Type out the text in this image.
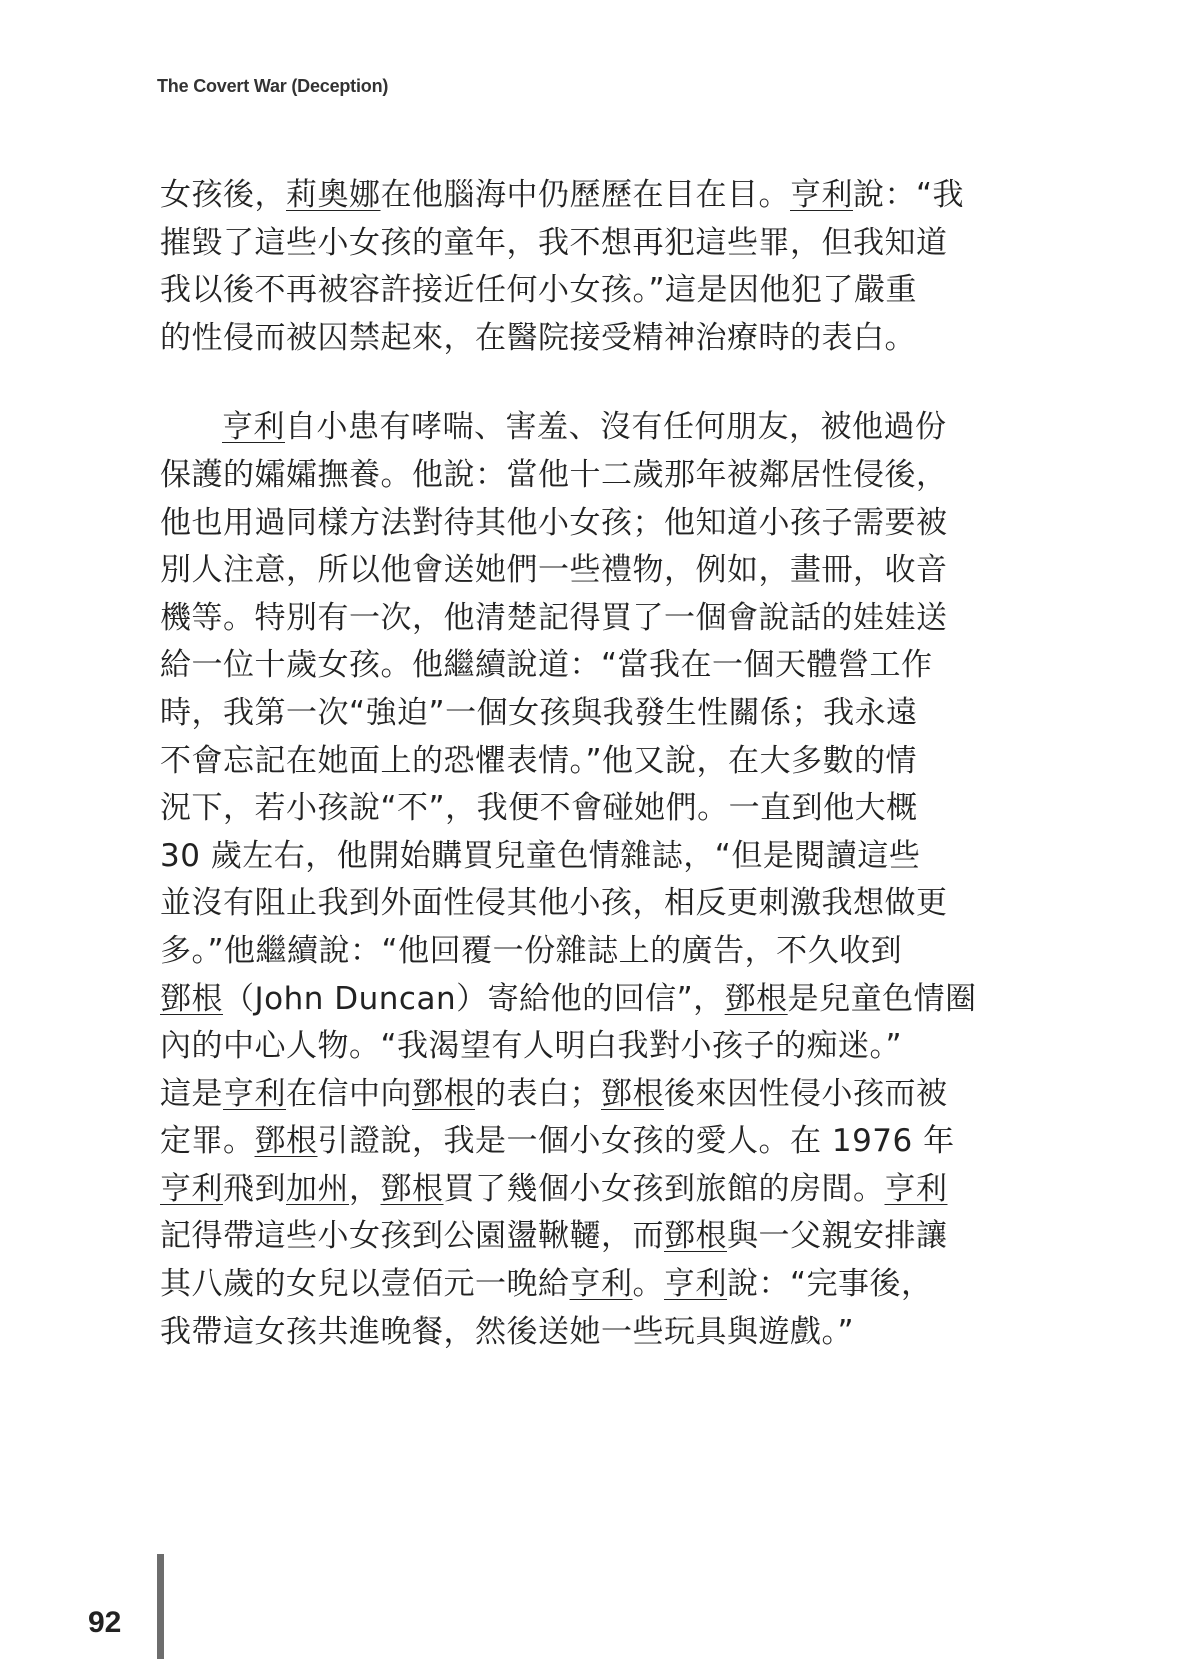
The Covert War (Deception)
女孩後，莉奧娜在他腦海中仍歷歷在目在目。亨利說：“我
摧毀了這些小女孩的童年，我不想再犯這些罪，但我知道
我以後不再被容許接近任何小女孩。”這是因他犯了嚴重
的性侵而被囚禁起來，在醫院接受精神治療時的表白。
亨利自小患有哮喘、害羞、沒有任何朋友，被他過份
保護的孀孀撫養。他說：當他十二歲那年被鄰居性侵後，
他也用過同樣方法對待其他小女孩；他知道小孩子需要被
別人注意，所以他會送她們一些禮物，例如，畫冊，收音
機等。特別有一次，他清楚記得買了一個會說話的娃娃送
給一位十歲女孩。他繼續說道：“當我在一個天體營工作
時，我第一次“強迫”一個女孩與我發生性關係；我永遠
不會忘記在她面上的恐懼表情。”他又說，在大多數的情
況下，若小孩說“不”，我便不會碰她們。一直到他大概
30 歲左右，他開始購買兒童色情雜誌，“但是閱讀這些
並沒有阻止我到外面性侵其他小孩，相反更刺激我想做更
多。”他繼續說：“他回覆一份雜誌上的廣告，不久收到
鄧根（John Duncan）寄給他的回信”，鄧根是兒童色情圈
內的中心人物。“我渴望有人明白我對小孩子的痴迷。”
這是亨利在信中向鄧根的表白；鄧根後來因性侵小孩而被
定罪。鄧根引證說，我是一個小女孩的愛人。在 1976 年
亨利飛到加州，鄧根買了幾個小女孩到旅館的房間。亨利
記得帶這些小女孩到公園盪鞦韆，而鄧根與一父親安排讓
其八歲的女兒以壹佰元一晚給亨利。亨利說：“完事後，
我帶這女孩共進晚餐，然後送她一些玩具與遊戲。”
92
